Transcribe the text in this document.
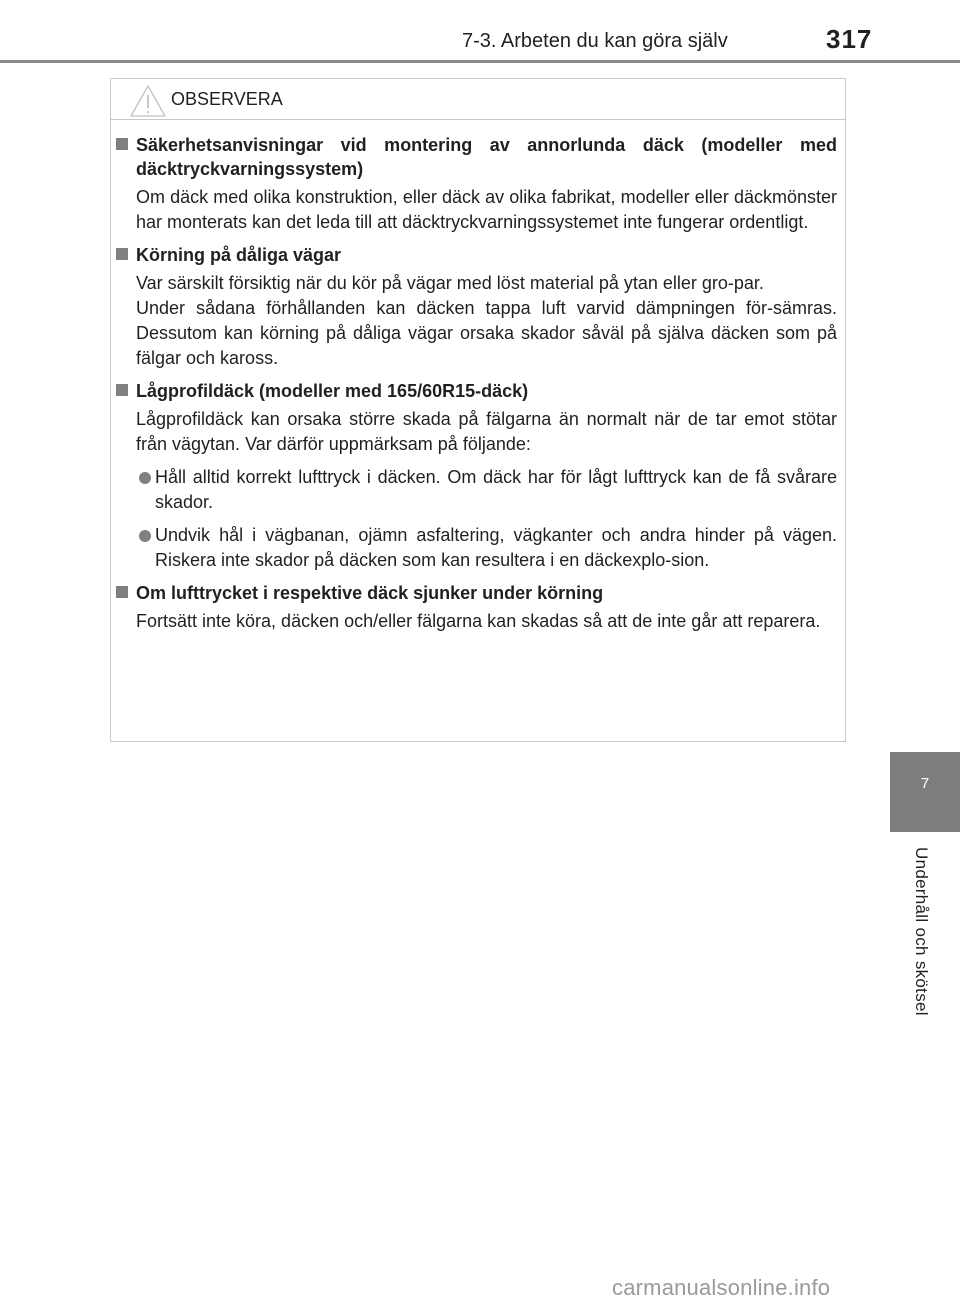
7-3. Arbeten du kan göra själv	317
7
Underhåll och skötsel
OBSERVERA
Säkerhetsanvisningar vid montering av annorlunda däck (modeller med däcktryckvarningssystem)
Om däck med olika konstruktion, eller däck av olika fabrikat, modeller eller däckmönster har monterats kan det leda till att däcktryckvarningssystemet inte fungerar ordentligt.
Körning på dåliga vägar
Var särskilt försiktig när du kör på vägar med löst material på ytan eller gro-par.
Under sådana förhållanden kan däcken tappa luft varvid dämpningen för-sämras. Dessutom kan körning på dåliga vägar orsaka skador såväl på själva däcken som på fälgar och kaross.
Lågprofildäck (modeller med 165/60R15-däck)
Lågprofildäck kan orsaka större skada på fälgarna än normalt när de tar emot stötar från vägytan. Var därför uppmärksam på följande:
Håll alltid korrekt lufttryck i däcken. Om däck har för lågt lufttryck kan de få svårare skador.
Undvik hål i vägbanan, ojämn asfaltering, vägkanter och andra hinder på vägen. Riskera inte skador på däcken som kan resultera i en däckexplo-sion.
Om lufttrycket i respektive däck sjunker under körning
Fortsätt inte köra, däcken och/eller fälgarna kan skadas så att de inte går att reparera.
carmanualsonline.info
